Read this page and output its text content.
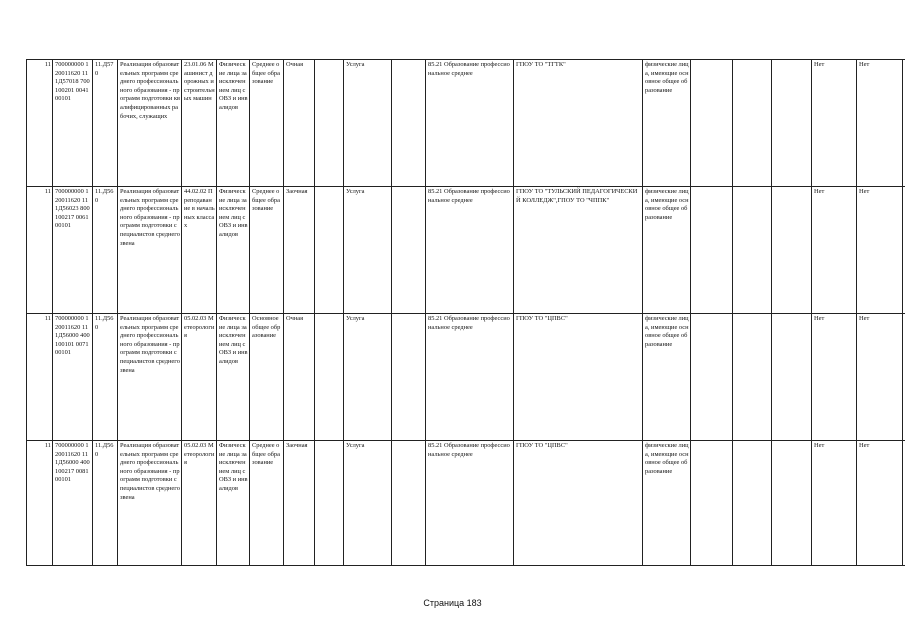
11	700000000 120011620 111Д57018 700100201 004100101	11.Д57 0	Реализация образовательных программ среднего профессионального образования - программ подготовки квалифицированных рабочих, служащих	23.01.06 Машинист дорожных и строительных машин	Физические лица за исключением лиц с ОВЗ и инвалидов	Среднее общее образование	Очная		Услуга		85.21 Образование профессиональное среднее	ГПОУ ТО "ТГТК"	физические лица, имеющие основное общее образование				Нет	Нет	
11	700000000 120011620 111Д56023 800100217 006100101	11.Д56 0	Реализация образовательных программ среднего профессионального образования - программ подготовки специалистов среднего звена	44.02.02 Преподавание в начальных классах	Физические лица за исключением лиц с ОВЗ и инвалидов	Среднее общее образование	Заочная		Услуга		85.21 Образование профессиональное среднее	ГПОУ ТО "ТУЛЬСКИЙ ПЕДАГОГИЧЕСКИЙ КОЛЛЕДЖ",ГПОУ ТО "ЧППК"	физические лица, имеющие основное общее образование				Нет	Нет	
11	700000000 120011620 111Д56000 400100101 007100101	11.Д56 0	Реализация образовательных программ среднего профессионального образования - программ подготовки специалистов среднего звена	05.02.03 Метеорология	Физические лица за исключением лиц с ОВЗ и инвалидов	Основное общее образование	Очная		Услуга		85.21 Образование профессиональное среднее	ГПОУ ТО "ЦПВС"	физические лица, имеющие основное общее образование				Нет	Нет	
11	700000000 120011620 111Д56000 400100217 008100101	11.Д56 0	Реализация образовательных программ среднего профессионального образования - программ подготовки специалистов среднего звена	05.02.03 Метеорология	Физические лица за исключением лиц с ОВЗ и инвалидов	Среднее общее образование	Заочная		Услуга		85.21 Образование профессиональное среднее	ГПОУ ТО "ЦПВС"	физические лица, имеющие основное общее образование				Нет	Нет	
Страница 183
